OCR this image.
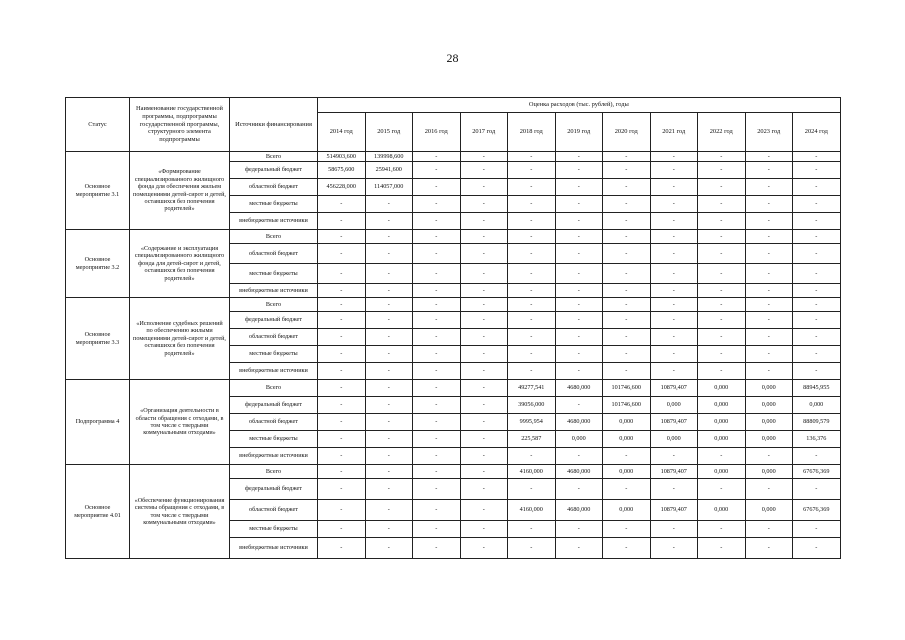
28
Статус	Наименование государственной программы, подпрограммы государственной программы, структурного элемента подпрограммы	Источники финансирования	Оценка расходов (тыс. рублей), годы										
			2014 год	2015 год	2016 год	2017 год	2018 год	2019 год	2020 год	2021 год	2022 год	2023 год	2024 год
Основное мероприятие 3.1	«Формирование специализированного жилищного фонда для обеспечения жильем помещениями детей-сирот и детей, оставшихся без попечения родителей»	Всего	514903,600	139998,600	-	-	-	-	-	-	-	-	-
		федеральный бюджет	58675,600	25941,600	-	-	-	-	-	-	-	-	-
		областной бюджет	456228,000	114057,000	-	-	-	-	-	-	-	-	-
		местные бюджеты	-	-	-	-	-	-	-	-	-	-	-
		внебюджетные источники	-	-	-	-	-	-	-	-	-	-	-
Основное мероприятие 3.2	«Содержание и эксплуатация специализированного жилищного фонда для детей-сирот и детей, оставшихся без попечения родителей»	Всего	-	-	-	-	-	-	-	-	-	-	-
		областной бюджет	-	-	-	-	-	-	-	-	-	-	-
		местные бюджеты	-	-	-	-	-	-	-	-	-	-	-
		внебюджетные источники	-	-	-	-	-	-	-	-	-	-	-
Основное мероприятие 3.3	«Исполнение судебных решений по обеспечению жилыми помещениями детей-сирот и детей, оставшихся без попечения родителей»	Всего	-	-	-	-	-	-	-	-	-	-	-
		федеральный бюджет	-	-	-	-	-	-	-	-	-	-	-
		областной бюджет	-	-	-	-	-	-	-	-	-	-	-
		местные бюджеты	-	-	-	-	-	-	-	-	-	-	-
		внебюджетные источники	-	-	-	-	-	-	-	-	-	-	-
Подпрограмма 4	«Организация деятельности в области обращения с отходами, в том числе с твердыми коммунальными отходами»	Всего	-	-	-	-	49277,541	4680,000	101746,600	10879,407	0,000	0,000	88945,955
		федеральный бюджет	-	-	-	-	39056,000	-	101746,600	0,000	0,000	0,000	0,000
		областной бюджет	-	-	-	-	9995,954	4680,000	0,000	10879,407	0,000	0,000	88809,579
		местные бюджеты	-	-	-	-	225,587	0,000	0,000	0,000	0,000	0,000	136,376
		внебюджетные источники	-	-	-	-	-	-	-	-	-	-	-
Основное мероприятие 4.01	«Обеспечение функционирования системы обращения с отходами, в том числе с твердыми коммунальными отходами»	Всего	-	-	-	-	4160,000	4680,000	0,000	10879,407	0,000	0,000	67676,369
		федеральный бюджет	-	-	-	-	-	-	-	-	-	-	-
		областной бюджет	-	-	-	-	4160,000	4680,000	0,000	10879,407	0,000	0,000	67676,369
		местные бюджеты	-	-	-	-	-	-	-	-	-	-	-
		внебюджетные источники	-	-	-	-	-	-	-	-	-	-	-
